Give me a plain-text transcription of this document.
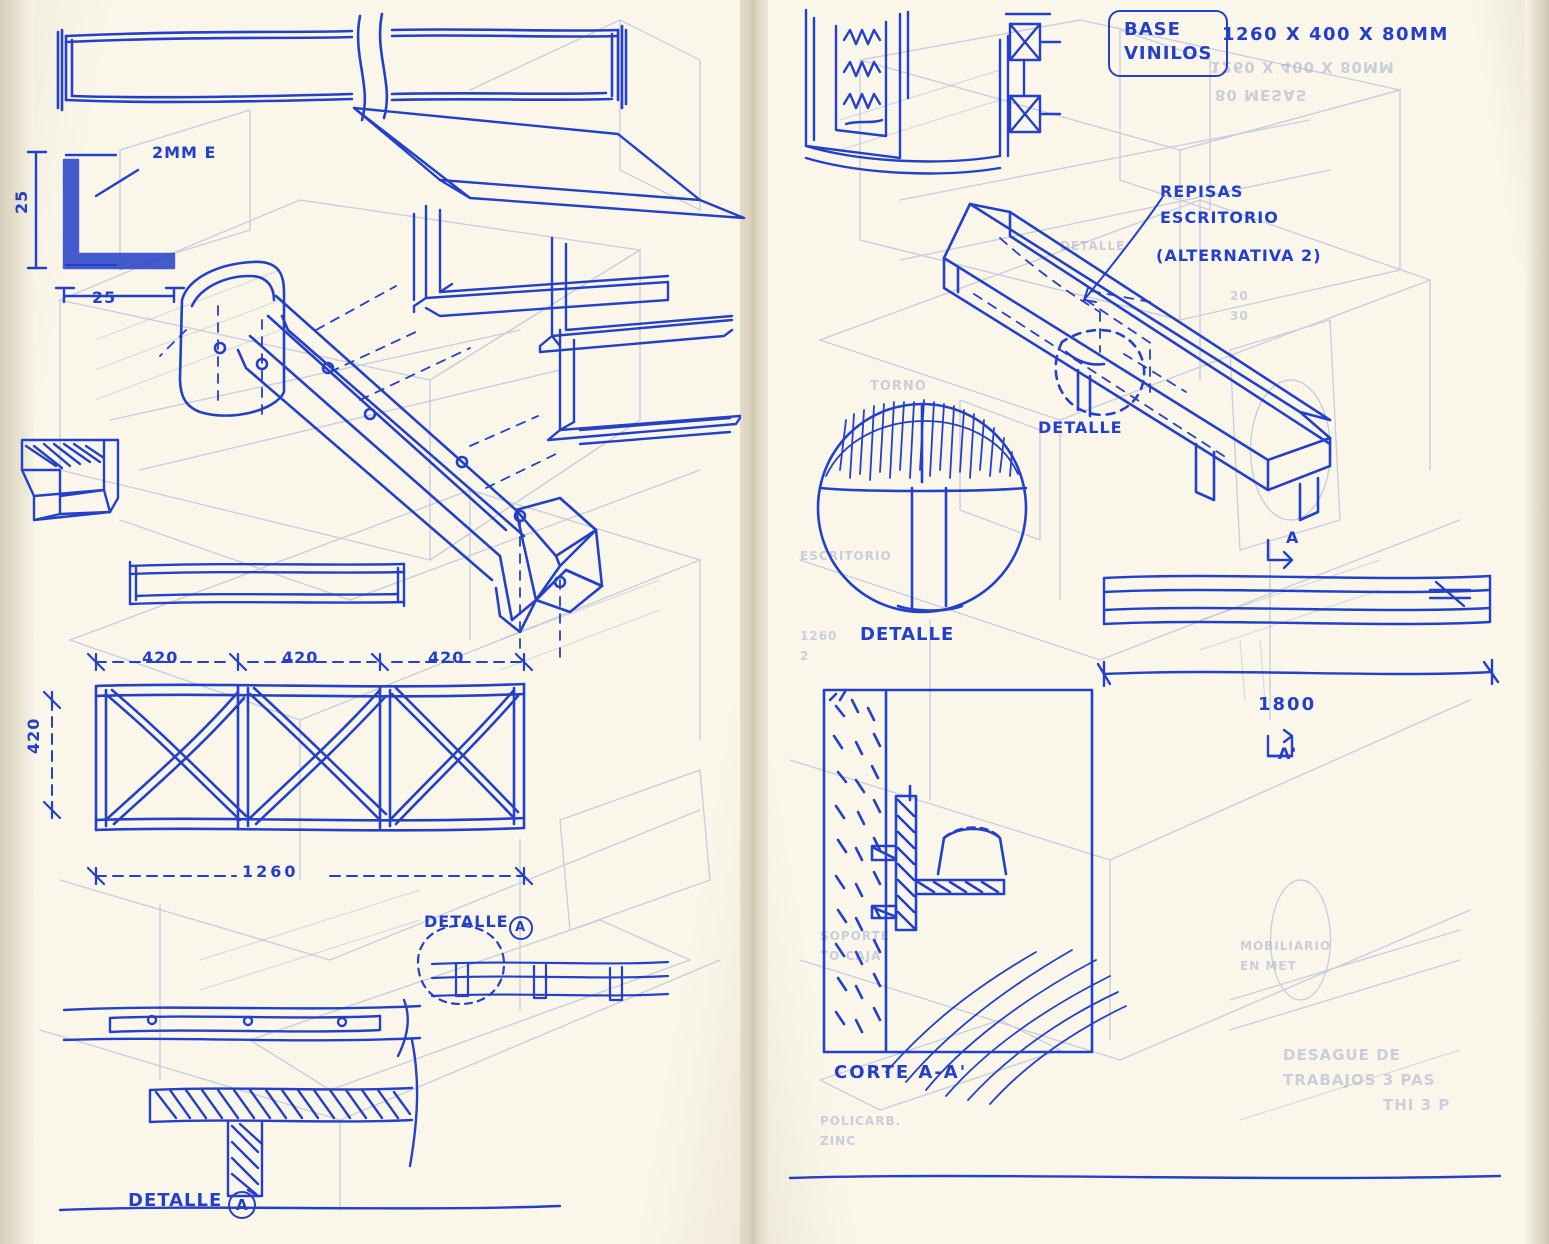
1260 X 400 X 80MM
80 MESAS
DESAGUE DE
TRABAJOS 3 PAS
THI 3 P
TORNO
DETALLE
1260
2
20
30
SOPORTE
TO CAJA
MOBILIARIO
EN MET
POLICARB.
ZINC
ESCRITORIO
2MM E
25
25
420	420	420
420
1260
DETALLE A
DETALLE A
BASE
VINILOS
1260 X 400 X 80MM
REPISAS
ESCRITORIO
(ALTERNATIVA 2)
DETALLE
DETALLE
A
A'
1800
CORTE A-A'
